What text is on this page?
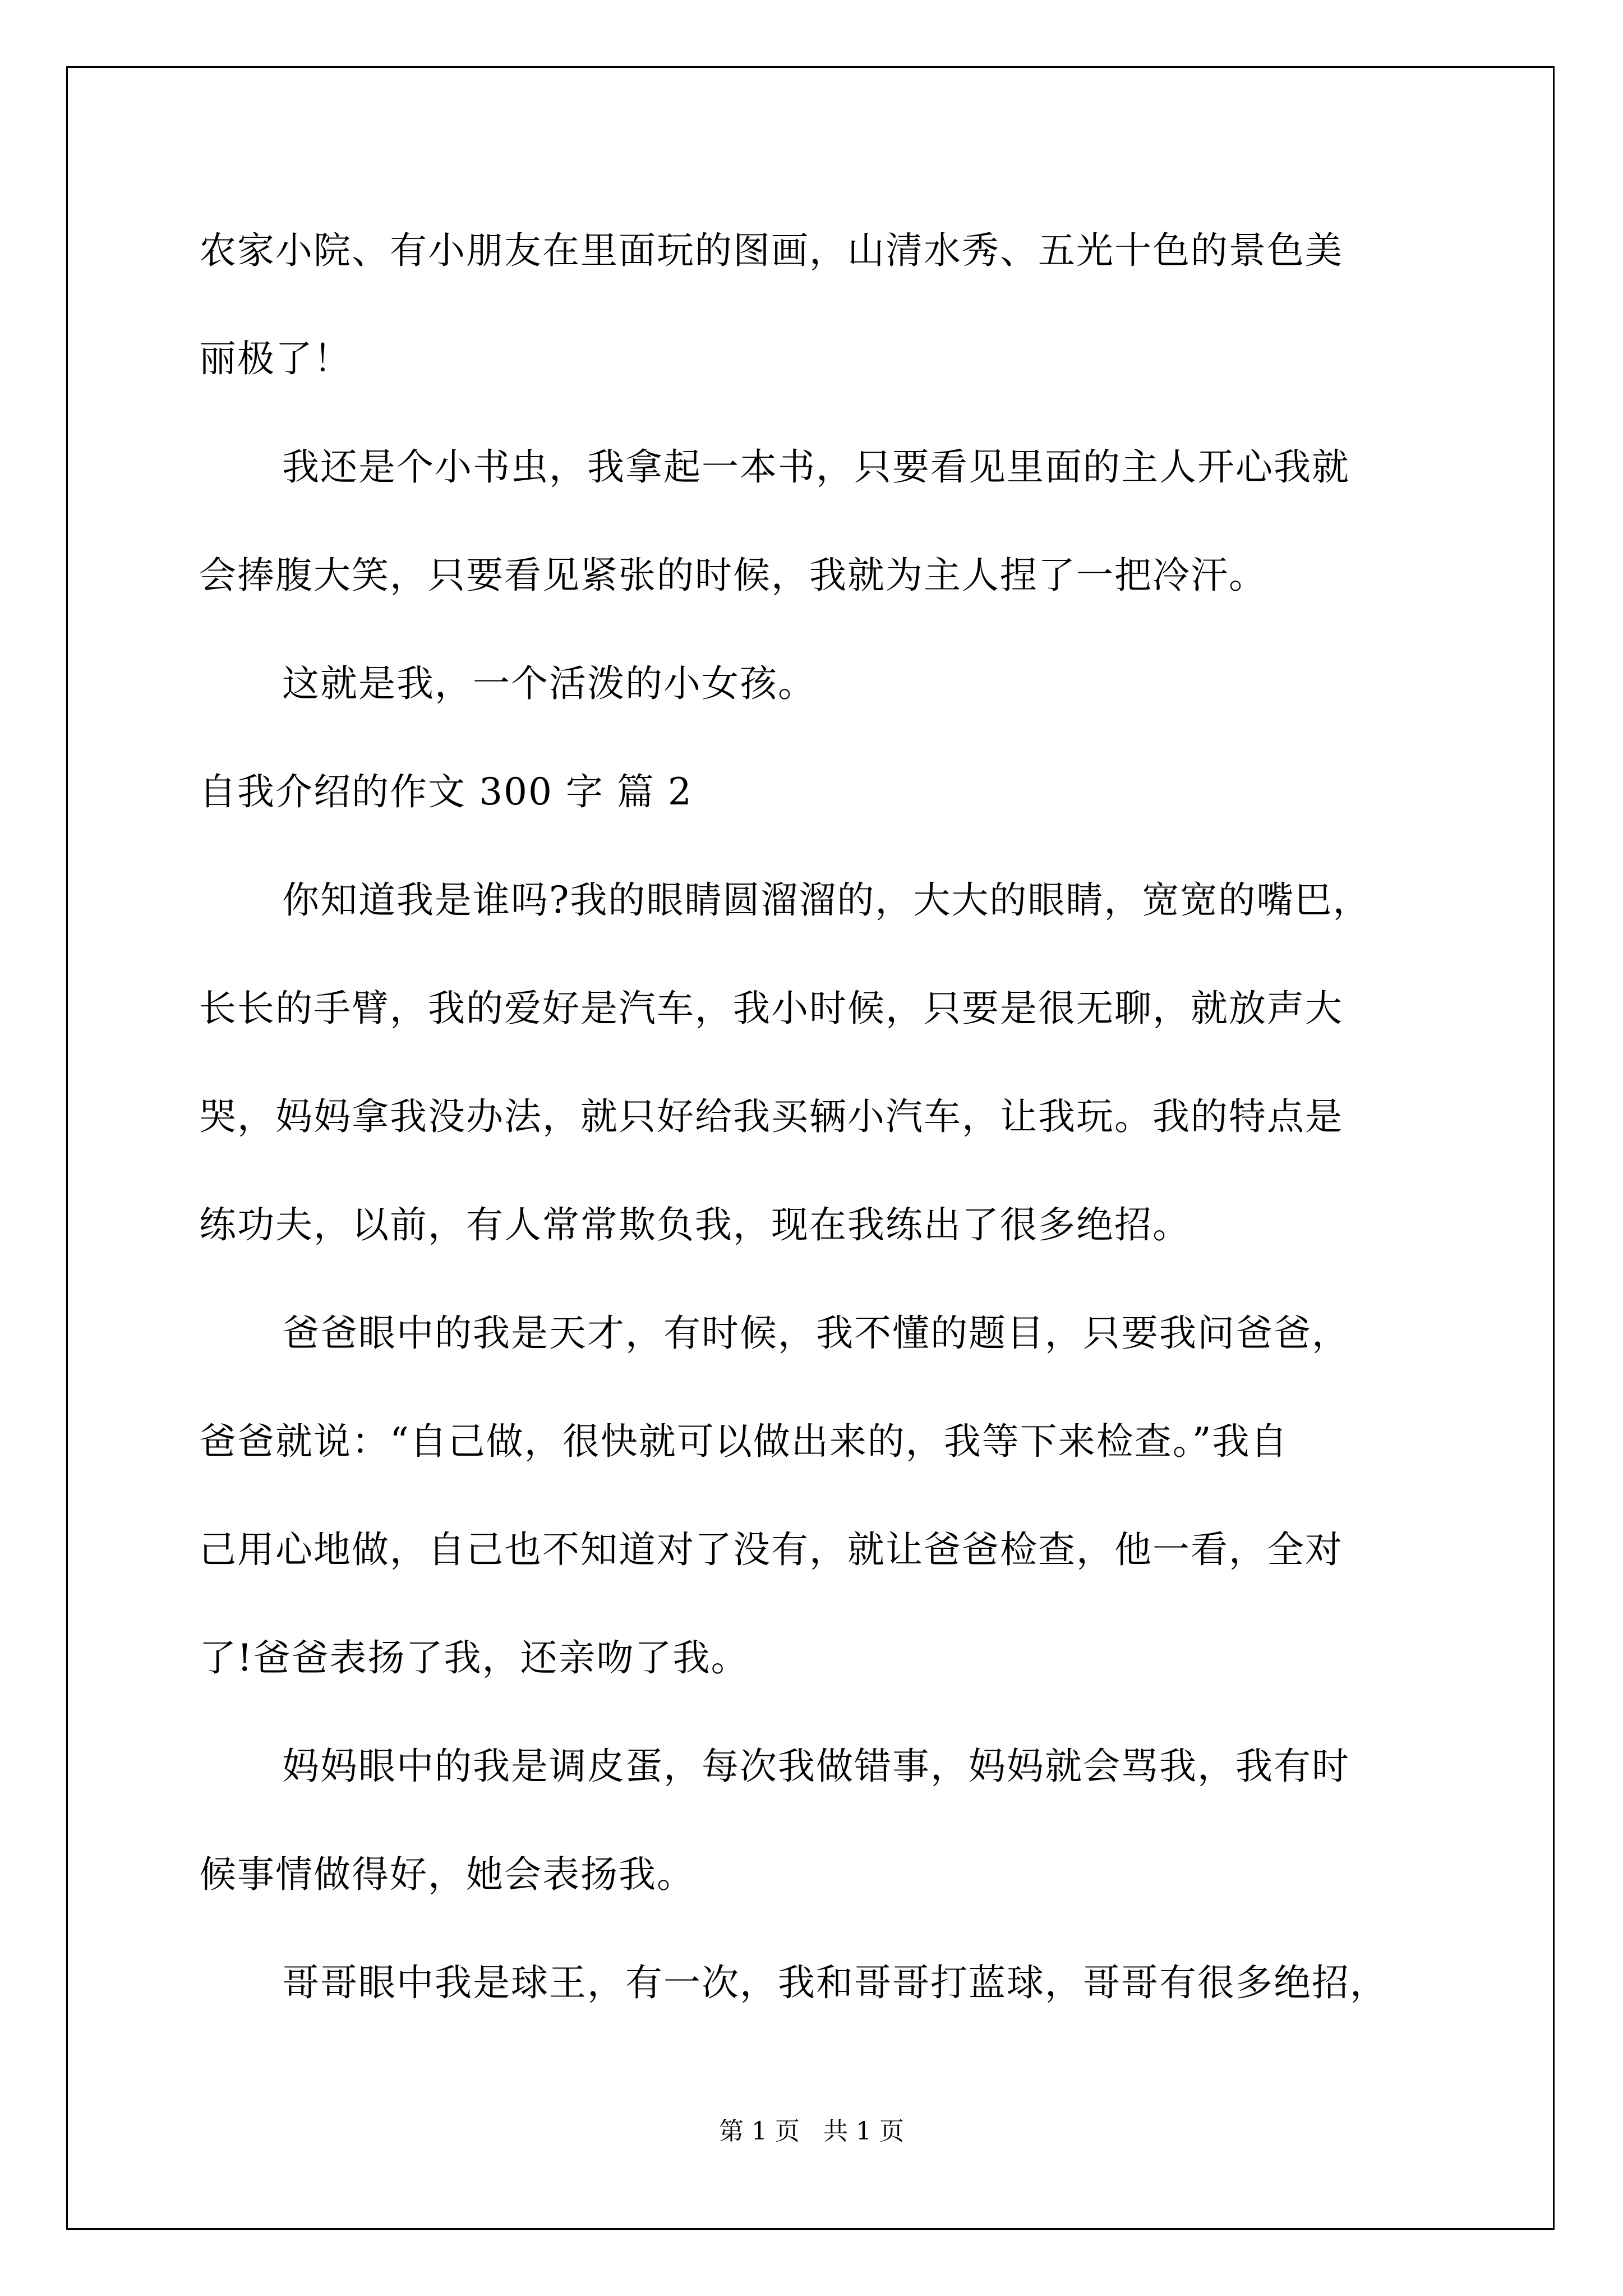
农家小院、有小朋友在里面玩的图画，山清水秀、五光十色的景色美
丽极了！
我还是个小书虫，我拿起一本书，只要看见里面的主人开心我就
会捧腹大笑，只要看见紧张的时候，我就为主人捏了一把冷汗。
这就是我，一个活泼的小女孩。
自我介绍的作文 300 字 篇 2
你知道我是谁吗?我的眼睛圆溜溜的，大大的眼睛，宽宽的嘴巴，
长长的手臂，我的爱好是汽车，我小时候，只要是很无聊，就放声大
哭，妈妈拿我没办法，就只好给我买辆小汽车，让我玩。我的特点是
练功夫，以前，有人常常欺负我，现在我练出了很多绝招。
爸爸眼中的我是天才，有时候，我不懂的题目，只要我问爸爸，
爸爸就说：“自己做，很快就可以做出来的，我等下来检查。”我自
己用心地做，自己也不知道对了没有，就让爸爸检查，他一看，全对
了!爸爸表扬了我，还亲吻了我。
妈妈眼中的我是调皮蛋，每次我做错事，妈妈就会骂我，我有时
候事情做得好，她会表扬我。
哥哥眼中我是球王，有一次，我和哥哥打蓝球，哥哥有很多绝招，
第 1 页   共 1 页
